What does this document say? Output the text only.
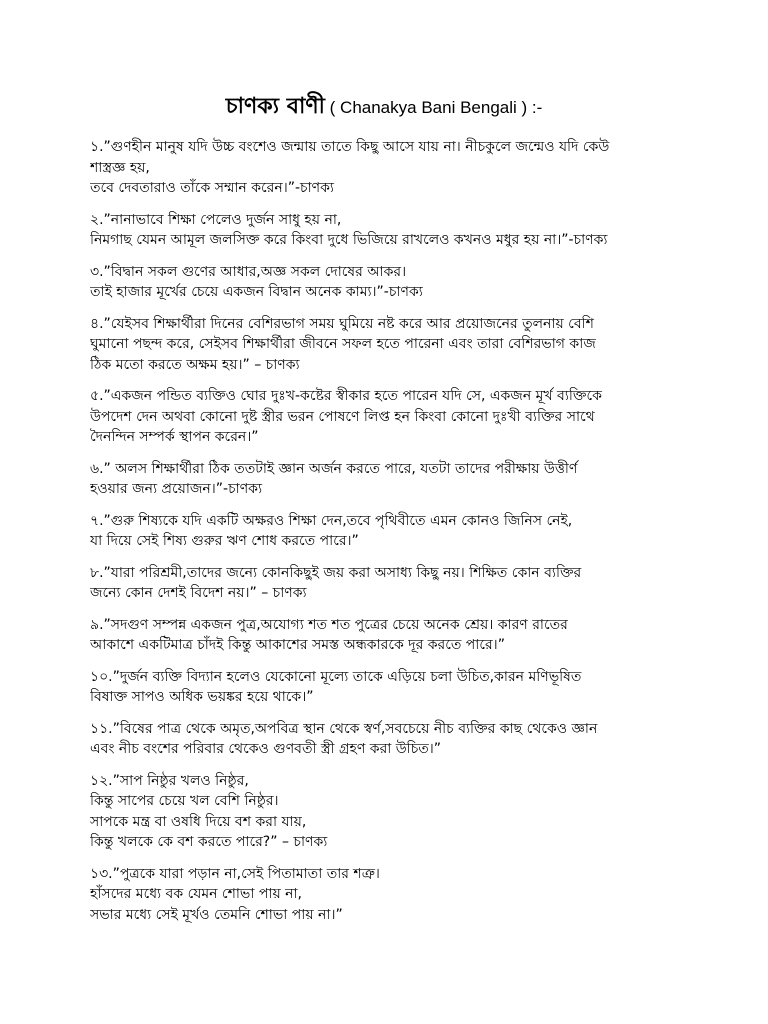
চাণক্য বাণী ( Chanakya Bani Bengali ) :-
১.”গুণহীন মানুষ যদি উচ্চ বংশেও জন্মায় তাতে কিছু আসে যায় না। নীচকুলে জন্মেও যদি কেউ
শাস্ত্রজ্ঞ হয়,
তবে দেবতারাও তাঁকে সম্মান করেন।”-চাণক্য
২.”নানাভাবে শিক্ষা পেলেও দুর্জন সাধু হয় না,
নিমগাছ যেমন আমূল জলসিক্ত করে কিংবা দুধে ভিজিয়ে রাখলেও কখনও মধুর হয় না।”-চাণক্য
৩.”বিদ্বান সকল গুণের আধার,অজ্ঞ সকল দোষের আকর।
তাই হাজার মূর্খের চেয়ে একজন বিদ্বান অনেক কাম্য।”-চাণক্য
৪.”যেইসব শিক্ষার্থীরা দিনের বেশিরভাগ সময় ঘুমিয়ে নষ্ট করে আর প্রয়োজনের তুলনায় বেশি
ঘুমানো পছন্দ করে, সেইসব শিক্ষার্থীরা জীবনে সফল হতে পারেনা এবং তারা বেশিরভাগ কাজ
ঠিক মতো করতে অক্ষম হয়।” – চাণক্য
৫.”একজন পন্ডিত ব্যক্তিও ঘোর দুঃখ-কষ্টের স্বীকার হতে পারেন যদি সে, একজন মূর্খ ব্যক্তিকে
উপদেশ দেন অথবা কোনো দুষ্ট স্ত্রীর ভরন পোষণে লিপ্ত হন কিংবা কোনো দুঃখী ব্যক্তির সাথে
দৈনন্দিন সম্পর্ক স্থাপন করেন।”
৬.” অলস শিক্ষার্থীরা ঠিক ততটাই জ্ঞান অর্জন করতে পারে, যতটা তাদের পরীক্ষায় উত্তীর্ণ
হওয়ার জন্য প্রয়োজন।”-চাণক্য
৭.”গুরু শিষ্যকে যদি একটি অক্ষরও শিক্ষা দেন,তবে পৃথিবীতে এমন কোনও জিনিস নেই,
যা দিয়ে সেই শিষ্য গুরুর ঋণ শোধ করতে পারে।”
৮.”যারা পরিশ্রমী,তাদের জন্যে কোনকিছুই জয় করা অসাধ্য কিছু নয়। শিক্ষিত কোন ব্যক্তির
জন্যে কোন দেশই বিদেশ নয়।” – চাণক্য
৯.”সদগুণ সম্পন্ন একজন পুত্র,অযোগ্য শত শত পুত্রের চেয়ে অনেক শ্রেয়। কারণ রাতের
আকাশে একটিমাত্র চাঁদই কিন্তু আকাশের সমস্ত অন্ধকারকে দূর করতে পারে।”
১০.”দুর্জন ব্যক্তি বিদ্যান হলেও যেকোনো মূল্যে তাকে এড়িয়ে চলা উচিত,কারন মণিভূষিত
বিষাক্ত সাপও অধিক ভয়ঙ্কর হয়ে থাকে।”
১১.”বিষের পাত্র থেকে অমৃত,অপবিত্র স্থান থেকে স্বর্ণ,সবচেয়ে নীচ ব্যক্তির কাছ থেকেও জ্ঞান
এবং নীচ বংশের পরিবার থেকেও গুণবতী স্ত্রী গ্রহণ করা উচিত।”
১২.”সাপ নিষ্ঠুর খলও নিষ্ঠুর,
কিন্তু সাপের চেয়ে খল বেশি নিষ্ঠুর।
সাপকে মন্ত্র বা ওষধি দিয়ে বশ করা যায়,
কিন্তু খলকে কে বশ করতে পারে?” – চাণক্য
১৩.”পুত্রকে যারা পড়ান না,সেই পিতামাতা তার শত্রু।
হাঁসদের মধ্যে বক যেমন শোভা পায় না,
সভার মধ্যে সেই মূর্খও তেমনি শোভা পায় না।”
